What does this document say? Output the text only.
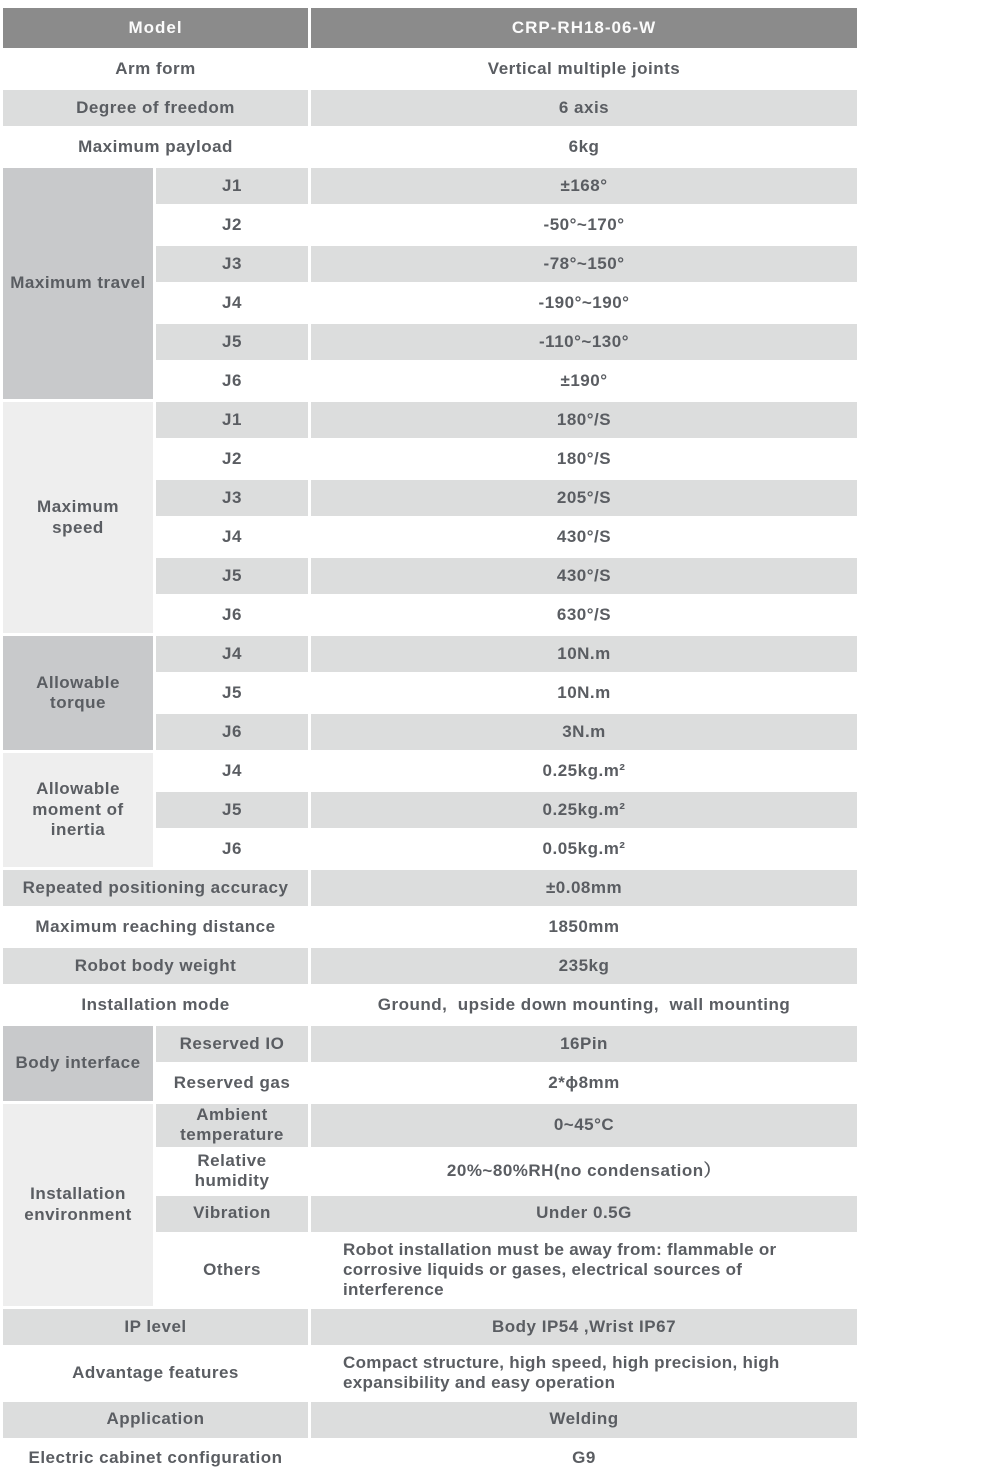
Model		CRP-RH18-06-W
Arm form		Vertical multiple joints
Degree of freedom		6 axis
Maximum payload		6kg
Maximum travel	J1	±168°
	J2	-50°~170°
	J3	-78°~150°
	J4	-190°~190°
	J5	-110°~130°
	J6	±190°
Maximum speed	J1	180°/S
	J2	180°/S
	J3	205°/S
	J4	430°/S
	J5	430°/S
	J6	630°/S
Allowable torque	J4	10N.m
	J5	10N.m
	J6	3N.m
Allowable moment of inertia	J4	0.25kg.m²
	J5	0.25kg.m²
	J6	0.05kg.m²
Repeated positioning accuracy		±0.08mm
Maximum reaching distance		1850mm
Robot body weight		235kg
Installation mode		Ground,  upside down mounting,  wall mounting
Body interface	Reserved IO	16Pin
	Reserved gas	2*ϕ8mm
Installation environment	Ambient temperature	0~45°C
	Relative humidity	20%~80%RH(no condensation）
	Vibration	Under 0.5G
	Others	Robot installation must be away from: flammable or corrosive liquids or gases, electrical sources of interference
IP level		Body IP54 ,Wrist IP67
Advantage features		Compact structure, high speed, high precision, high expansibility and easy operation
Application		Welding
Electric cabinet configuration		G9
